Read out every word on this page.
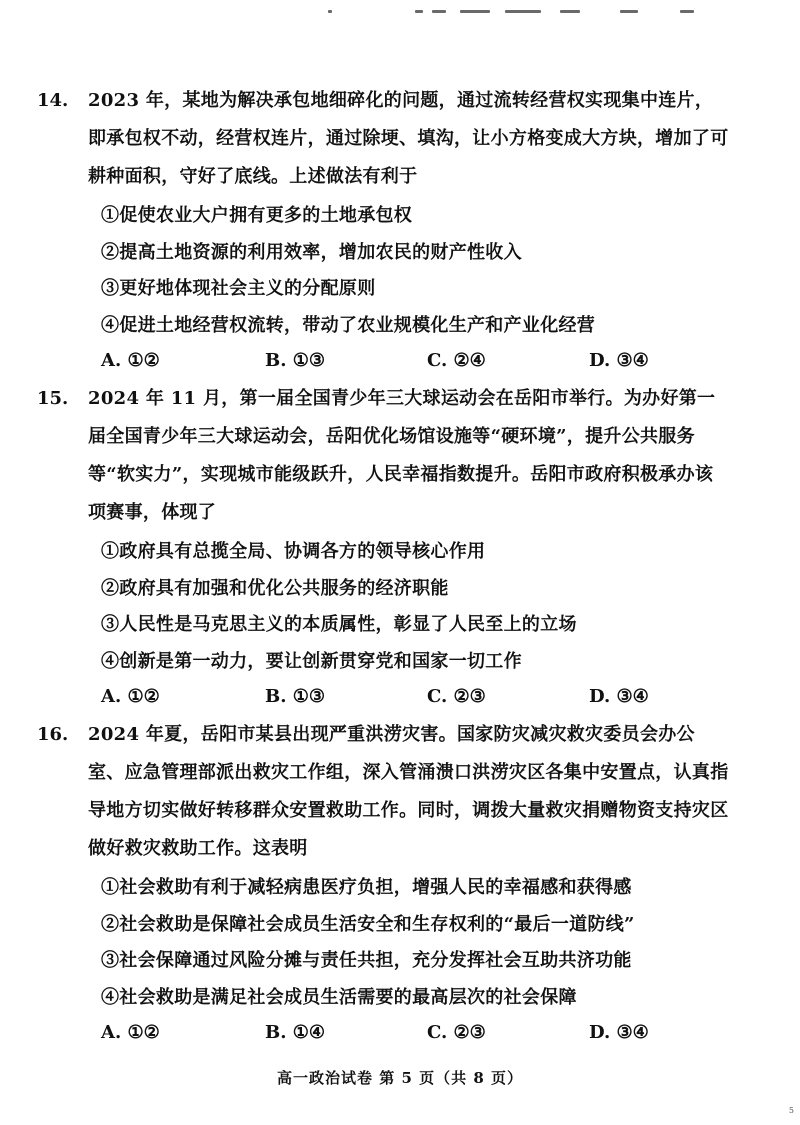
14.	2023 年，某地为解决承包地细碎化的问题，通过流转经营权实现集中连片，即承包权不动，经营权连片，通过除埂、填沟，让小方格变成大方块，增加了可耕种面积，守好了底线。上述做法有利于
①促使农业大户拥有更多的土地承包权
②提高土地资源的利用效率，增加农民的财产性收入
③更好地体现社会主义的分配原则
④促进土地经营权流转，带动了农业规模化生产和产业化经营
A. ①②	B. ①③	C. ②④	D. ③④
15.	2024 年 11 月，第一届全国青少年三大球运动会在岳阳市举行。为办好第一届全国青少年三大球运动会，岳阳优化场馆设施等“硬环境”，提升公共服务等“软实力”，实现城市能级跃升，人民幸福指数提升。岳阳市政府积极承办该项赛事，体现了
①政府具有总揽全局、协调各方的领导核心作用
②政府具有加强和优化公共服务的经济职能
③人民性是马克思主义的本质属性，彰显了人民至上的立场
④创新是第一动力，要让创新贯穿党和国家一切工作
A. ①②	B. ①③	C. ②③	D. ③④
16.	2024 年夏，岳阳市某县出现严重洪涝灾害。国家防灾减灾救灾委员会办公室、应急管理部派出救灾工作组，深入管涌溃口洪涝灾区各集中安置点，认真指导地方切实做好转移群众安置救助工作。同时，调拨大量救灾捐赠物资支持灾区做好救灾救助工作。这表明
①社会救助有利于减轻病患医疗负担，增强人民的幸福感和获得感
②社会救助是保障社会成员生活安全和生存权利的“最后一道防线”
③社会保障通过风险分摊与责任共担，充分发挥社会互助共济功能
④社会救助是满足社会成员生活需要的最高层次的社会保障
A. ①②	B. ①④	C. ②③	D. ③④
高一政治试卷 第 5 页（共 8 页）
5
